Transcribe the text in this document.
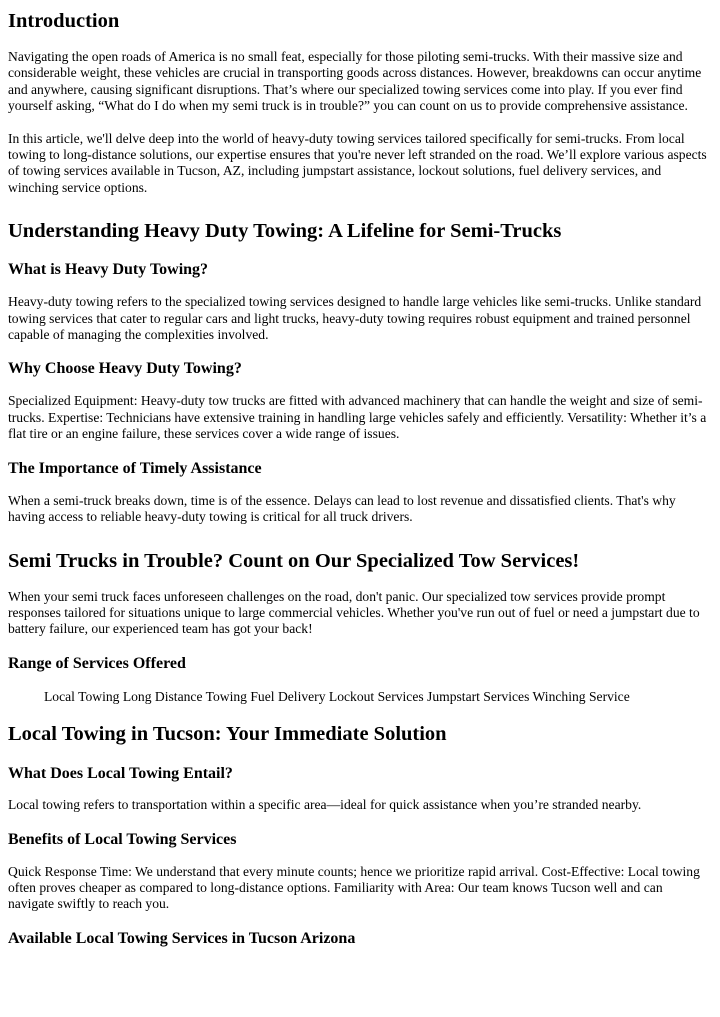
Introduction

Navigating the open roads of America is no small feat, especially for those piloting semi-trucks. With their massive size and considerable weight, these vehicles are crucial in transporting goods across distances. However, breakdowns can occur anytime and anywhere, causing significant disruptions. That’s where our specialized towing services come into play. If you ever find yourself asking, “What do I do when my semi truck is in trouble?” you can count on us to provide comprehensive assistance.

In this article, we'll delve deep into the world of heavy-duty towing services tailored specifically for semi-trucks. From local towing to long-distance solutions, our expertise ensures that you're never left stranded on the road. We’ll explore various aspects of towing services available in Tucson, AZ, including jumpstart assistance, lockout solutions, fuel delivery services, and winching service options.

Understanding Heavy Duty Towing: A Lifeline for Semi-Trucks
What is Heavy Duty Towing?

Heavy-duty towing refers to the specialized towing services designed to handle large vehicles like semi-trucks. Unlike standard towing services that cater to regular cars and light trucks, heavy-duty towing requires robust equipment and trained personnel capable of managing the complexities involved.

Why Choose Heavy Duty Towing?

Specialized Equipment: Heavy-duty tow trucks are fitted with advanced machinery that can handle the weight and size of semi-trucks. Expertise: Technicians have extensive training in handling large vehicles safely and efficiently. Versatility: Whether it’s a flat tire or an engine failure, these services cover a wide range of issues.

The Importance of Timely Assistance

When a semi-truck breaks down, time is of the essence. Delays can lead to lost revenue and dissatisfied clients. That's why having access to reliable heavy-duty towing is critical for all truck drivers.

Semi Trucks in Trouble? Count on Our Specialized Tow Services!

When your semi truck faces unforeseen challenges on the road, don't panic. Our specialized tow services provide prompt responses tailored for situations unique to large commercial vehicles. Whether you've run out of fuel or need a jumpstart due to battery failure, our experienced team has got your back!

Range of Services Offered

Local Towing Long Distance Towing Fuel Delivery Lockout Services Jumpstart Services Winching Service

Local Towing in Tucson: Your Immediate Solution
What Does Local Towing Entail?

Local towing refers to transportation within a specific area—ideal for quick assistance when you’re stranded nearby.

Benefits of Local Towing Services

Quick Response Time: We understand that every minute counts; hence we prioritize rapid arrival. Cost-Effective: Local towing often proves cheaper as compared to long-distance options. Familiarity with Area: Our team knows Tucson well and can navigate swiftly to reach you.

Available Local Towing Services in Tucson Arizona
